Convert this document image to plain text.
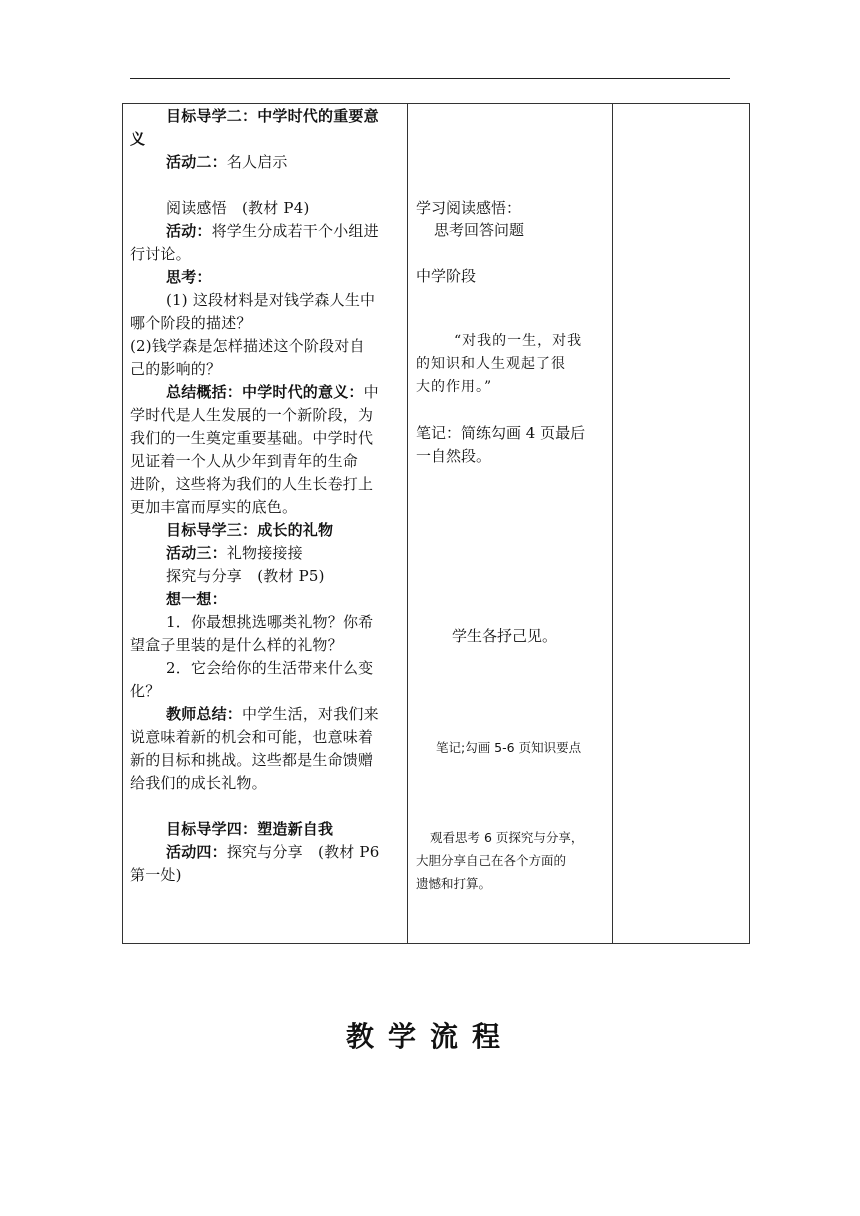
目标导学二：中学时代的重要意
义
活动二：名人启示
阅读感悟　(教材 P4)
活动：将学生分成若干个小组进
行讨论。
思考：
(1) 这段材料是对钱学森人生中
哪个阶段的描述？
(2)钱学森是怎样描述这个阶段对自
己的影响的？
总结概括：中学时代的意义：中
学时代是人生发展的一个新阶段，为
我们的一生奠定重要基础。中学时代
见证着一个人从少年到青年的生命
进阶，这些将为我们的人生长卷打上
更加丰富而厚实的底色。
目标导学三：成长的礼物
活动三：礼物接接接
探究与分享　(教材 P5)
想一想：
1．你最想挑选哪类礼物？你希
望盒子里装的是什么样的礼物？
2．它会给你的生活带来什么变
化？
教师总结：中学生活，对我们来
说意味着新的机会和可能，也意味着
新的目标和挑战。这些都是生命馈赠
给我们的成长礼物。
目标导学四：塑造新自我
活动四：探究与分享　(教材 P6
第一处)
学习阅读感悟：
思考回答问题
中学阶段
“对我的一生，对我
的知识和人生观起了很
大的作用。”
笔记：简练勾画 4 页最后
一自然段。
学生各抒己见。
笔记;勾画 5-6 页知识要点
观看思考 6 页探究与分享，
大胆分享自己在各个方面的
遗憾和打算。
教学流程
